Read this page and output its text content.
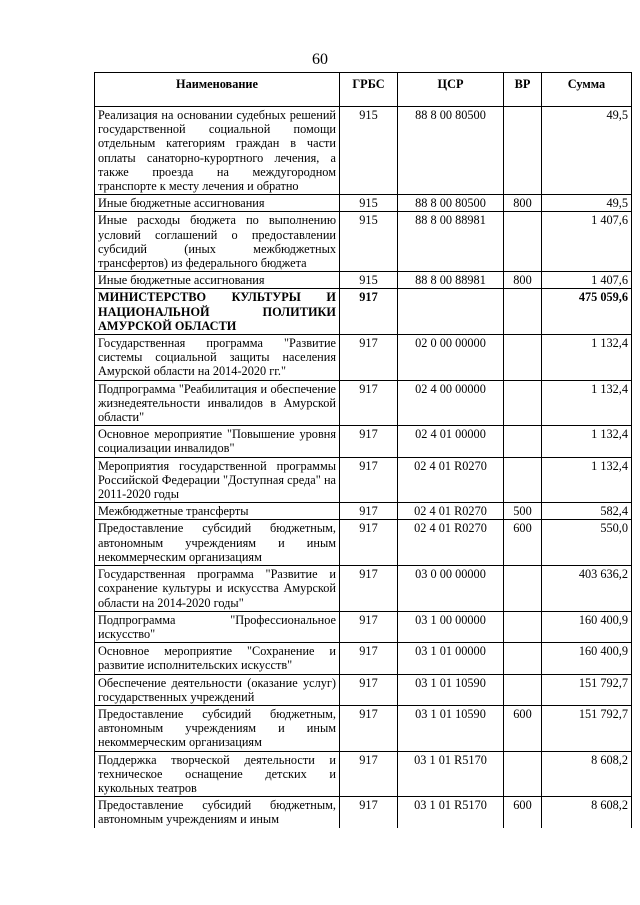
60
Наименование	ГРБС	ЦСР	ВР	Сумма
Реализация на основании судебных решений государственной социальной помощи отдельным категориям граждан в части оплаты санаторно-курортного лечения, а также проезда на междугородном транспорте к месту лечения и обратно	915	88 8 00 80500		49,5
Иные бюджетные ассигнования	915	88 8 00 80500	800	49,5
Иные расходы бюджета по выполнению условий соглашений о предоставлении субсидий (иных межбюджетных трансфертов) из федерального бюджета	915	88 8 00 88981		1 407,6
Иные бюджетные ассигнования	915	88 8 00 88981	800	1 407,6
МИНИСТЕРСТВО КУЛЬТУРЫ И НАЦИОНАЛЬНОЙ ПОЛИТИКИ АМУРСКОЙ ОБЛАСТИ	917			475 059,6
Государственная программа "Развитие системы социальной защиты населения Амурской области на 2014-2020 гг."	917	02 0 00 00000		1 132,4
Подпрограмма "Реабилитация и обеспечение жизнедеятельности инвалидов в Амурской области"	917	02 4 00 00000		1 132,4
Основное мероприятие "Повышение уровня социализации инвалидов"	917	02 4 01 00000		1 132,4
Мероприятия государственной программы Российской Федерации "Доступная среда" на 2011-2020 годы	917	02 4 01 R0270		1 132,4
Межбюджетные трансферты	917	02 4 01 R0270	500	582,4
Предоставление субсидий бюджетным, автономным учреждениям и иным некоммерческим организациям	917	02 4 01 R0270	600	550,0
Государственная программа "Развитие и сохранение культуры и искусства Амурской области на 2014-2020 годы"	917	03 0 00 00000		403 636,2
Подпрограмма "Профессиональное искусство"	917	03 1 00 00000		160 400,9
Основное мероприятие "Сохранение и развитие исполнительских искусств"	917	03 1 01 00000		160 400,9
Обеспечение деятельности (оказание услуг) государственных учреждений	917	03 1 01 10590		151 792,7
Предоставление субсидий бюджетным, автономным учреждениям и иным некоммерческим организациям	917	03 1 01 10590	600	151 792,7
Поддержка творческой деятельности и техническое оснащение детских и кукольных театров	917	03 1 01 R5170		8 608,2
Предоставление субсидий бюджетным, автономным учреждениям и иным	917	03 1 01 R5170	600	8 608,2
